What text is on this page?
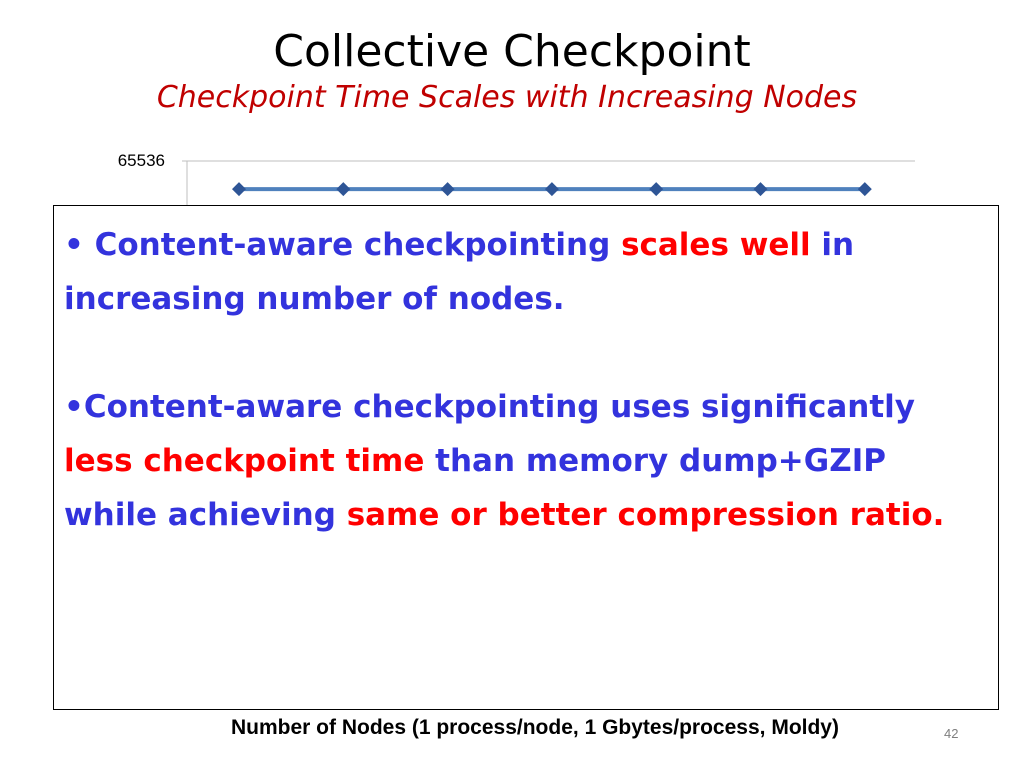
Collective Checkpoint
Checkpoint Time Scales with Increasing Nodes
65536

• Content-aware checkpointing scales well in increasing number of nodes.

•Content-aware checkpointing uses significantly less checkpoint time than memory dump+GZIP while achieving same or better compression ratio.

Number of Nodes (1 process/node, 1 Gbytes/process, Moldy)	42
